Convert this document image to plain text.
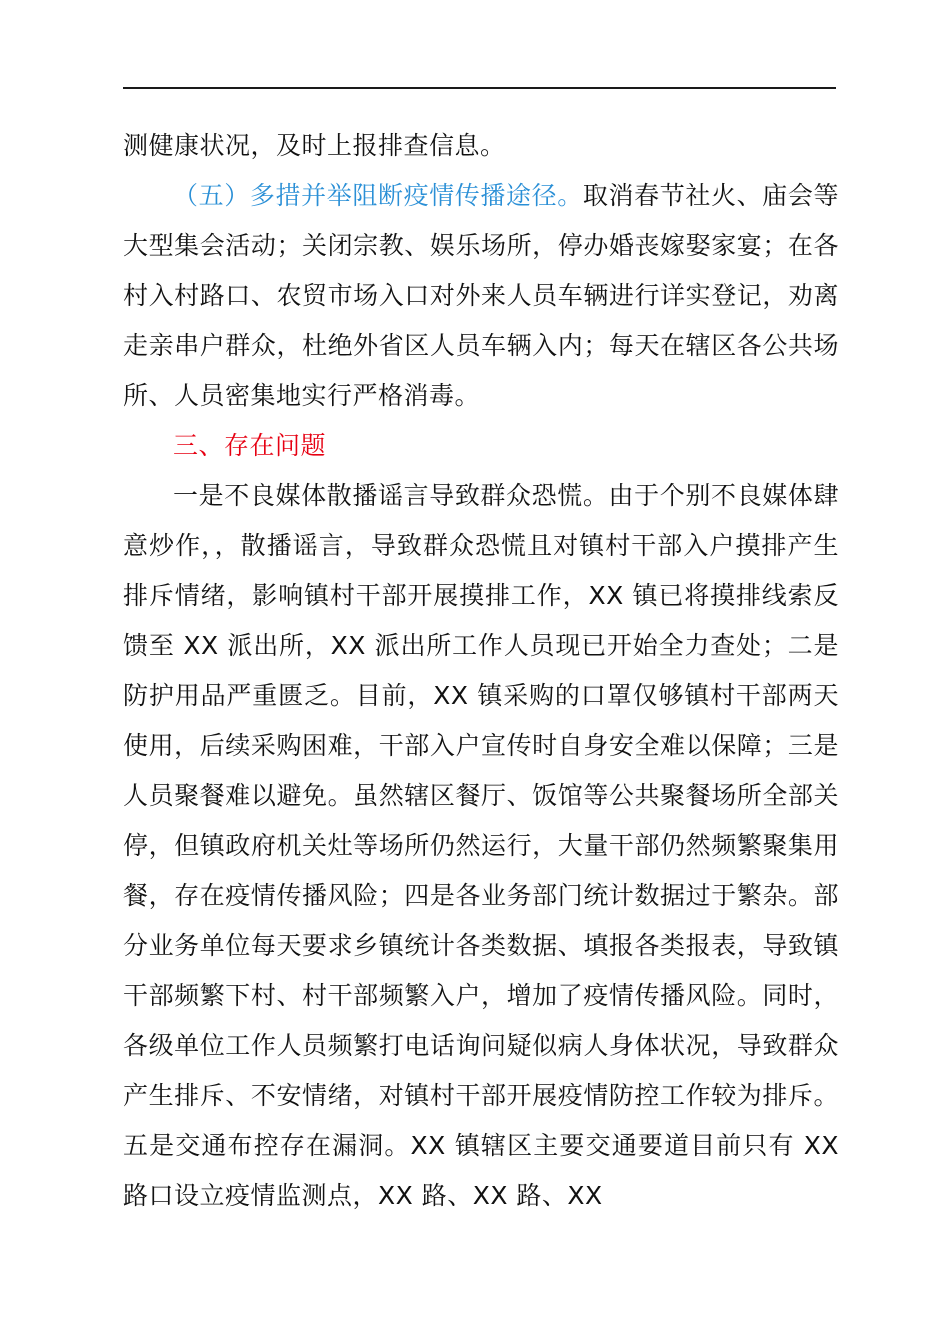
测健康状况，及时上报排查信息。

（五）多措并举阻断疫情传播途径。取消春节社火、庙会等大型集会活动；关闭宗教、娱乐场所，停办婚丧嫁娶家宴；在各村入村路口、农贸市场入口对外来人员车辆进行详实登记，劝离走亲串户群众，杜绝外省区人员车辆入内；每天在辖区各公共场所、人员密集地实行严格消毒。

三、存在问题

一是不良媒体散播谣言导致群众恐慌。由于个别不良媒体肆意炒作，，散播谣言，导致群众恐慌且对镇村干部入户摸排产生排斥情绪，影响镇村干部开展摸排工作，XX 镇已将摸排线索反馈至 XX 派出所，XX 派出所工作人员现已开始全力查处；二是防护用品严重匮乏。目前，XX 镇采购的口罩仅够镇村干部两天使用，后续采购困难，干部入户宣传时自身安全难以保障；三是人员聚餐难以避免。虽然辖区餐厅、饭馆等公共聚餐场所全部关停，但镇政府机关灶等场所仍然运行，大量干部仍然频繁聚集用餐，存在疫情传播风险；四是各业务部门统计数据过于繁杂。部分业务单位每天要求乡镇统计各类数据、填报各类报表，导致镇干部频繁下村、村干部频繁入户，增加了疫情传播风险。同时，各级单位工作人员频繁打电话询问疑似病人身体状况，导致群众产生排斥、不安情绪，对镇村干部开展疫情防控工作较为排斥。五是交通布控存在漏洞。XX 镇辖区主要交通要道目前只有 XX 路口设立疫情监测点，XX 路、XX 路、XX
